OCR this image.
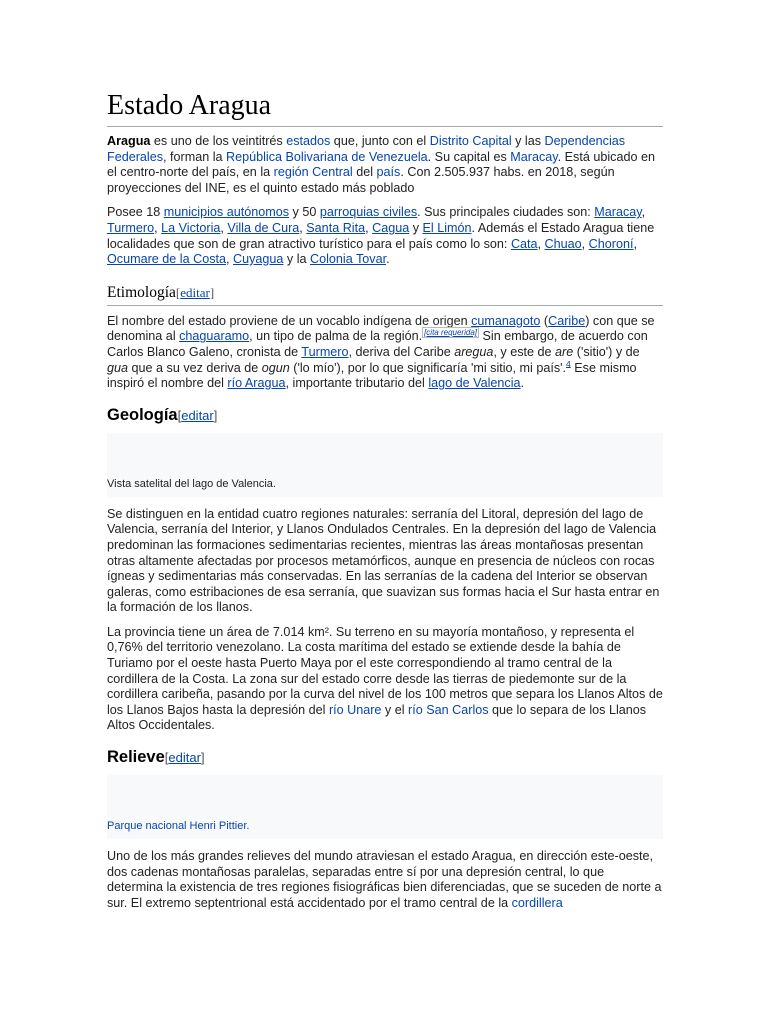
Estado Aragua

Aragua es uno de los veintitrés estados que, junto con el Distrito Capital y las Dependencias Federales, forman la República Bolivariana de Venezuela. Su capital es Maracay. Está ubicado en el centro-norte del país, en la región Central del país. Con 2.505.937 habs. en 2018, según proyecciones del INE, es el quinto estado más poblado

Posee 18 municipios autónomos y 50 parroquias civiles. Sus principales ciudades son: Maracay, Turmero, La Victoria, Villa de Cura, Santa Rita, Cagua y El Limón. Además el Estado Aragua tiene localidades que son de gran atractivo turístico para el país como lo son: Cata, Chuao, Choroní, Ocumare de la Costa, Cuyagua y la Colonia Tovar.

Etimología[editar]

El nombre del estado proviene de un vocablo indígena de origen cumanagoto (Caribe) con que se denomina al chaguaramo, un tipo de palma de la región. [cita requerida] Sin embargo, de acuerdo con Carlos Blanco Galeno, cronista de Turmero, deriva del Caribe aregua, y este de are ('sitio') y de gua que a su vez deriva de ogun ('lo mío'), por lo que significaría 'mi sitio, mi país'.$^4$ Ese mismo inspiró el nombre del río Aragua, importante tributario del lago de Valencia.

Geología[editar]
Vista satelital del lago de Valencia.

Se distinguen en la entidad cuatro regiones naturales: serranía del Litoral, depresión del lago de Valencia, serranía del Interior, y Llanos Ondulados Centrales. En la depresión del lago de Valencia predominan las formaciones sedimentarias recientes, mientras las áreas montañosas presentan otras altamente afectadas por procesos metamórficos, aunque en presencia de núcleos con rocas ígneas y sedimentarias más conservadas. En las serranías de la cadena del Interior se observan galeras, como estribaciones de esa serranía, que suavizan sus formas hacia el Sur hasta entrar en la formación de los llanos.

La provincia tiene un área de 7.014 km². Su terreno en su mayoría montañoso, y representa el 0,76% del territorio venezolano. La costa marítima del estado se extiende desde la bahía de Turiamo por el oeste hasta Puerto Maya por el este correspondiendo al tramo central de la cordillera de la Costa. La zona sur del estado corre desde las tierras de piedemonte sur de la cordillera caribeña, pasando por la curva del nivel de los 100 metros que separa los Llanos Altos de los Llanos Bajos hasta la depresión del río Unare y el río San Carlos que lo separa de los Llanos Altos Occidentales.

Relieve[editar]
Parque nacional Henri Pittier.

Uno de los más grandes relieves del mundo atraviesan el estado Aragua, en dirección este-oeste, dos cadenas montañosas paralelas, separadas entre sí por una depresión central, lo que determina la existencia de tres regiones fisiográficas bien diferenciadas, que se suceden de norte a sur. El extremo septentrional está accidentado por el tramo central de la cordillera
